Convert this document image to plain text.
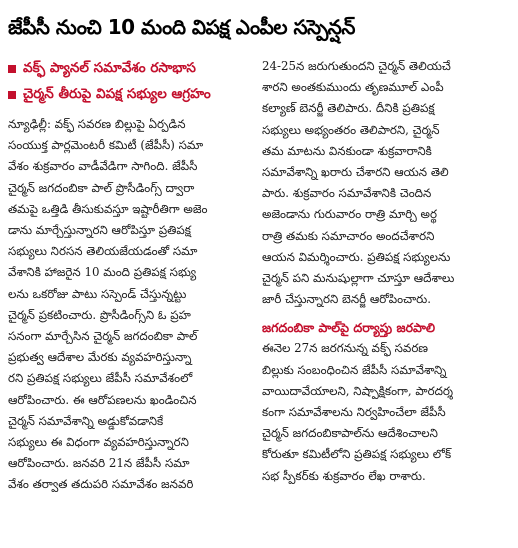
జేపీసీ నుంచి 10 మంది విపక్ష ఎంపీల సస్పెన్షన్
వక్ఫ్ ప్యానల్ సమావేశం రసాభాస
చైర్మన్ తీరుపై విపక్ష సభ్యుల ఆగ్రహం

న్యూఢిల్లీ: వక్ఫ్ సవరణ బిల్లుపై ఏర్పడిన
సంయుక్త పార్లమెంటరీ కమిటీ (జేపీసీ) సమా
వేశం శుక్రవారం వాడీవేడిగా సాగింది. జేపీసీ
చైర్మన్ జగదంబికా పాల్ ప్రొసీడింగ్స్ ద్వారా
తమపై ఒత్తిడి తీసుకువస్తూ ఇష్టారీతిగా అజెం
డాను మార్చేస్తున్నారని ఆరోపిస్తూ ప్రతిపక్ష
సభ్యులు నిరసన తెలియజేయడంతో సమా
వేశానికి హాజరైన 10 మంది ప్రతిపక్ష సభ్యు
లను ఒకరోజు పాటు సస్పెండ్ చేస్తున్నట్టు
చైర్మన్ ప్రకటించారు. ప్రొసీడింగ్స్‌ని ఓ ప్రహ
సనంగా మార్చేసిన చైర్మన్ జగదంబికా పాల్
ప్రభుత్వ ఆదేశాల మేరకు వ్యవహరిస్తున్నా
రని ప్రతిపక్ష సభ్యులు జేపీసీ సమావేశంలో
ఆరోపించారు. ఈ ఆరోపణలను ఖండించిన
చైర్మన్ సమావేశాన్ని అడ్డుకోవడానికే
సభ్యులు ఈ విధంగా వ్యవహరిస్తున్నారని
ఆరోపించారు. జనవరి 21న జేపీసీ సమా
వేశం తర్వాత తదుపరి సమావేశం జనవరి

24-25న జరుగుతుందని చైర్మన్ తెలియచే
శారని అంతకుముందు తృణమూల్ ఎంపీ
కల్యాణ్ బెనర్జీ తెలిపారు. దీనికి ప్రతిపక్ష
సభ్యులు అభ్యంతరం తెలిపారని, చైర్మన్
తమ మాటను వినకుండా శుక్రవారానికి
సమావేశాన్ని ఖరారు చేశారని ఆయన తెలి
పారు. శుక్రవారం సమావేశానికి చెందిన
అజెండాను గురువారం రాత్రి మార్చి అర్థ
రాత్రి తమకు సమాచారం అందచేశారని
ఆయన విమర్శించారు. ప్రతిపక్ష సభ్యులను
చైర్మన్ పని మనుషుల్లాగా చూస్తూ ఆదేశాలు
జారీ చేస్తున్నారని బెనర్జీ ఆరోపించారు.

జగదంబికా పాల్‌పై దర్యాప్తు జరపాలి

ఈనెల 27న జరగనున్న వక్ఫ్ సవరణ
బిల్లుకు సంబంధించిన జేపీసీ సమావేశాన్ని
వాయిదావేయాలని, నిష్పాక్షికంగా, పారదర్శ
కంగా సమావేశాలను నిర్వహించేలా జేపీసీ
చైర్మన్ జగదంబికాపాల్‌ను ఆదేశించాలని
కోరుతూ కమిటీలోని ప్రతిపక్ష సభ్యులు లోక్
సభ స్పీకర్‌కు శుక్రవారం లేఖ రాశారు.
